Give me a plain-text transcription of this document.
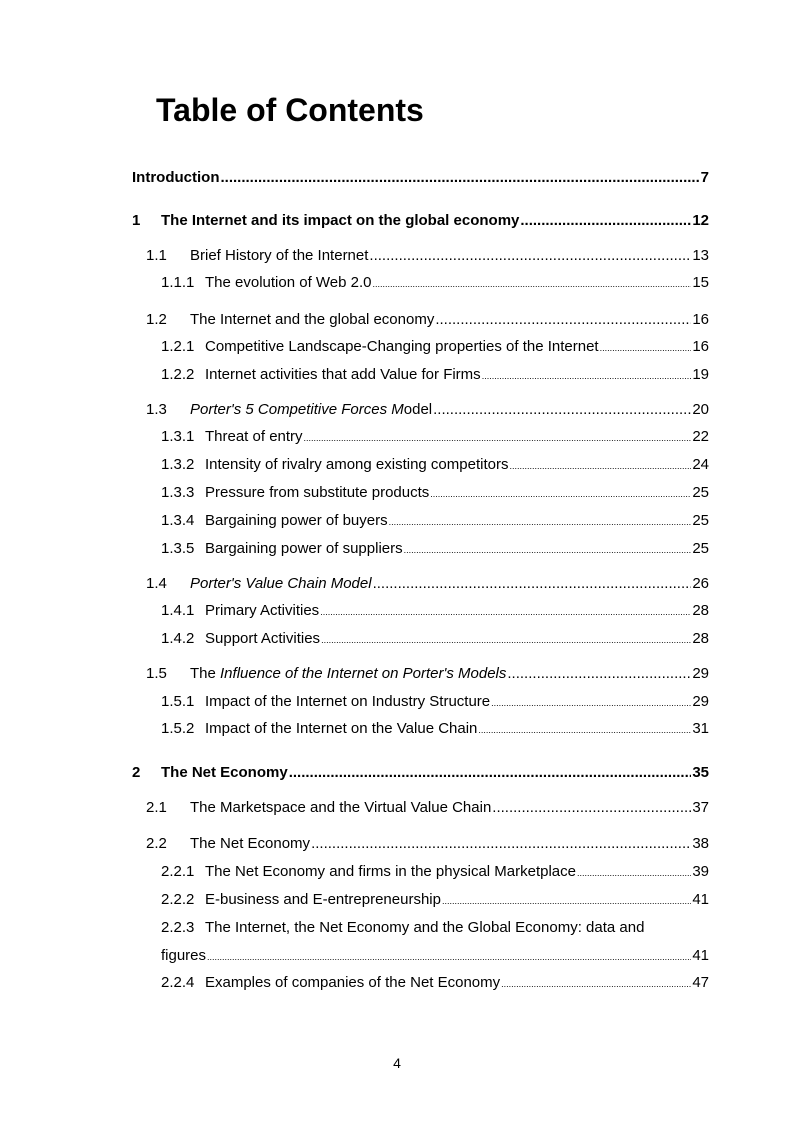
Table of Contents
Introduction .....	7
1	The Internet and its impact on the global economy .....	12
1.1	Brief History of the Internet .....	13
1.1.1 The evolution of Web 2.0 .....	15
1.2	The Internet and the global economy .....	16
1.2.1 Competitive Landscape-Changing properties of the Internet .....	16
1.2.2 Internet activities that add Value for Firms .....	19
1.3	Porter's 5 Competitive Forces Model .....	20
1.3.1 Threat of entry .....	22
1.3.2 Intensity of rivalry among existing competitors .....	24
1.3.3 Pressure from substitute products .....	25
1.3.4 Bargaining power of buyers .....	25
1.3.5 Bargaining power of suppliers .....	25
1.4	Porter's Value Chain Model .....	26
1.4.1 Primary Activities .....	28
1.4.2 Support Activities .....	28
1.5	The Influence of the Internet on Porter's Models .....	29
1.5.1 Impact of the Internet on Industry Structure .....	29
1.5.2 Impact of the Internet on the Value Chain .....	31
2	The Net Economy .....	35
2.1	The Marketspace and the Virtual Value Chain .....	37
2.2	The Net Economy .....	38
2.2.1 The Net Economy and firms in the physical Marketplace .....	39
2.2.2 E-business and E-entrepreneurship .....	41
2.2.3 The Internet, the Net Economy and the Global Economy: data and
figures .....	41
2.2.4 Examples of companies of the Net Economy .....	47
4
